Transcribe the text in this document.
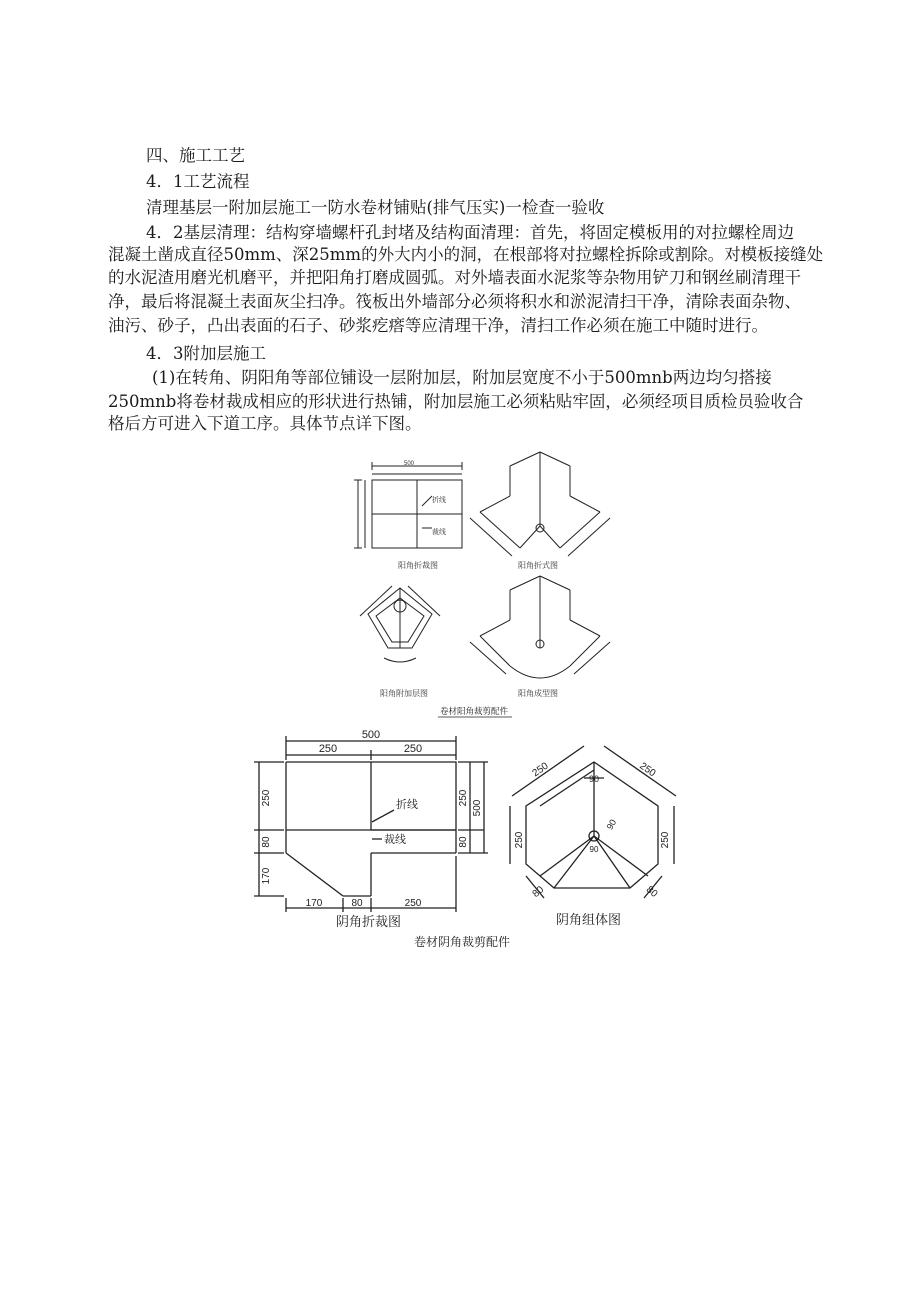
四、施工工艺
4．1工艺流程
清理基层一附加层施工一防水卷材铺贴(排气压实)一检查一验收
4．2基层清理：结构穿墙螺杆孔封堵及结构面清理：首先，将固定模板用的对拉螺栓周边
混凝土凿成直径50mm、深25mm的外大内小的洞，在根部将对拉螺栓拆除或割除。对模板接缝处
的水泥渣用磨光机磨平，并把阳角打磨成圆弧。对外墙表面水泥浆等杂物用铲刀和钢丝刷清理干
净，最后将混凝土表面灰尘扫净。筏板出外墙部分必须将积水和淤泥清扫干净，清除表面杂物、
油污、砂子，凸出表面的石子、砂浆疙瘩等应清理干净，清扫工作必须在施工中随时进行。
4．3附加层施工
(1)在转角、阴阳角等部位铺设一层附加层，附加层宽度不小于500mnb两边均匀搭接
250mnb将卷材裁成相应的形状进行热铺，附加层施工必须粘贴牢固，必须经项目质检员验收合
格后方可进入下道工序。具体节点详下图。
500
折线
裁线
阳角折裁图	阳角折式图
阳角附加层图	阳角成型图
卷材阳角裁剪配件
250	250
500
折线
裁线
250
80
170
250
80
500
170	80	250
阴角折裁图
250	250
90
90
90
250	250
80	80
阴角组体图
卷材阴角裁剪配件
